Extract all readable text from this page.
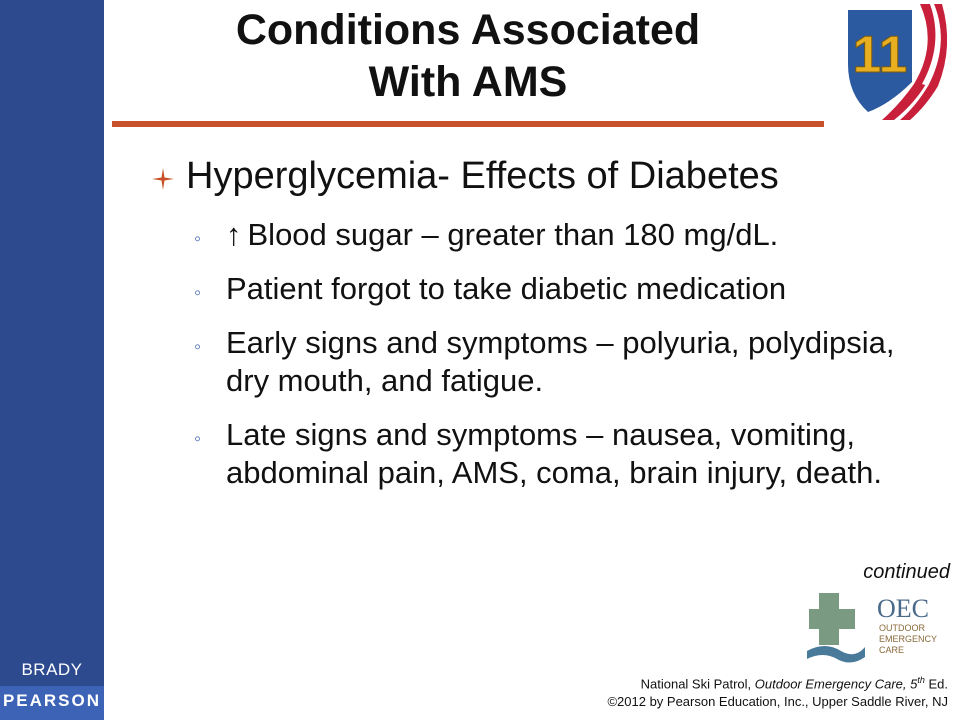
BRADY
PEARSON
Conditions Associated
With AMS	11
Hyperglycemia- Effects of Diabetes
◦ ↑ Blood sugar – greater than 180 mg/dL.
◦ Patient forgot to take diabetic medication
◦ Early signs and symptoms – polyuria, polydipsia, dry mouth, and fatigue.
◦ Late signs and symptoms – nausea, vomiting, abdominal pain, AMS, coma, brain injury, death.
continued
OEC
OUTDOOR
EMERGENCY
CARE
National Ski Patrol, Outdoor Emergency Care, 5th Ed.
©2012 by Pearson Education, Inc., Upper Saddle River, NJ
